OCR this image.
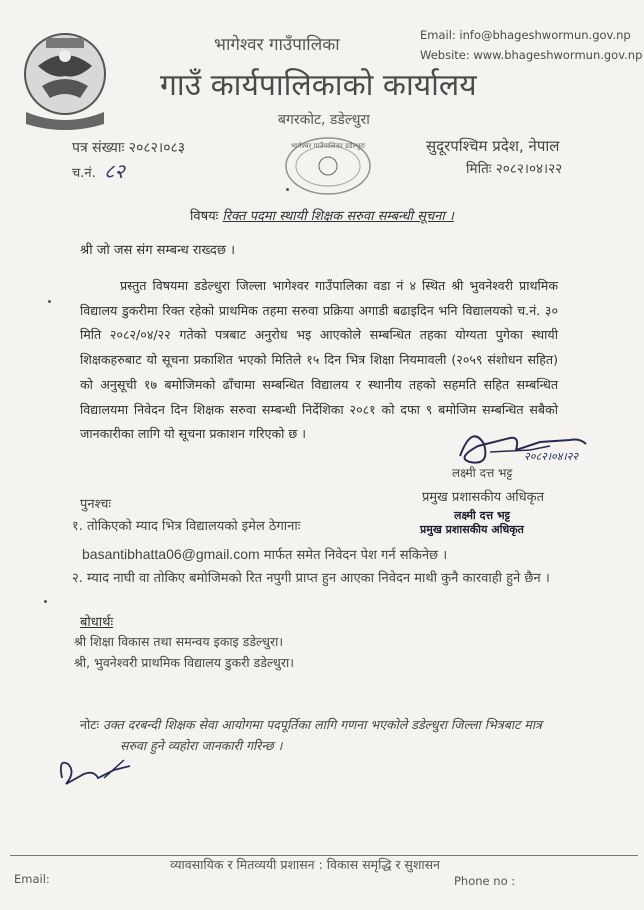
भागेश्वर गाउँपालिका
गाउँ कार्यपालिकाको कार्यालय
बगरकोट, डडेल्धुरा
Email: info@bhageshwormun.gov.np
Website: www.bhageshwormun.gov.np
पत्र संख्याः २०८२।०८३
च.नं. ८२
सुदूरपश्चिम प्रदेश, नेपाल
मितिः २०८२।०४।२२
भागेश्वर गाउँपालिका डडेल्धुरा
विषयः रिक्त पदमा स्थायी शिक्षक सरुवा सम्बन्धी सूचना ।
श्री जो जस संग सम्बन्ध राख्दछ ।
प्रस्तुत विषयमा डडेल्धुरा जिल्ला भागेश्वर गाउँपालिका वडा नं ४ स्थित श्री भुवनेश्वरी प्राथमिक विद्यालय डुकरीमा रिक्त रहेको प्राथमिक तहमा सरुवा प्रक्रिया अगाडी बढाइदिन भनि विद्यालयको च.नं. ३० मिति २०८२/०४/२२ गतेको पत्रबाट अनुरोध भइ आएकोले सम्बन्धित तहका योग्यता पुगेका स्थायी शिक्षकहरुबाट यो सूचना प्रकाशित भएको मितिले १५ दिन भित्र शिक्षा नियमावली (२०५९ संशोधन सहित) को अनुसूची १७ बमोजिमको ढाँचामा सम्बन्धित विद्यालय र स्थानीय तहको सहमति सहित सम्बन्धित विद्यालयमा निवेदन दिन शिक्षक सरुवा सम्बन्धी निर्देशिका २०८१ को दफा ९ बमोजिम सम्बन्धित सबैको जानकारीका लागि यो सूचना प्रकाशन गरिएको छ ।
२०८२।०४।२२
लक्ष्मी दत्त भट्ट
प्रमुख प्रशासकीय अधिकृत
लक्ष्मी दत्त भट्ट
प्रमुख प्रशासकीय अधिकृत
पुनश्चः
१. तोकिएको म्याद भित्र विद्यालयको इमेल ठेगानाः
basantibhatta06@gmail.com मार्फत समेत निवेदन पेश गर्न सकिनेछ ।
२. म्याद नाघी वा तोकिए बमोजिमको रित नपुगी प्राप्त हुन आएका निवेदन माथी कुनै कारवाही हुने छैन ।
बोधार्थः
श्री शिक्षा विकास तथा समन्वय इकाइ डडेल्धुरा।
श्री, भुवनेश्वरी प्राथमिक विद्यालय डुकरी डडेल्धुरा।
नोटः उक्त दरबन्दी शिक्षक सेवा आयोगमा पदपूर्तिका लागि गणना भएकोले डडेल्धुरा जिल्ला भित्रबाट मात्र
सरुवा हुने व्यहोरा जानकारी गरिन्छ ।
व्यावसायिक र मितव्ययी प्रशासन : विकास समृद्धि र सुशासन
Email:	Phone no :
